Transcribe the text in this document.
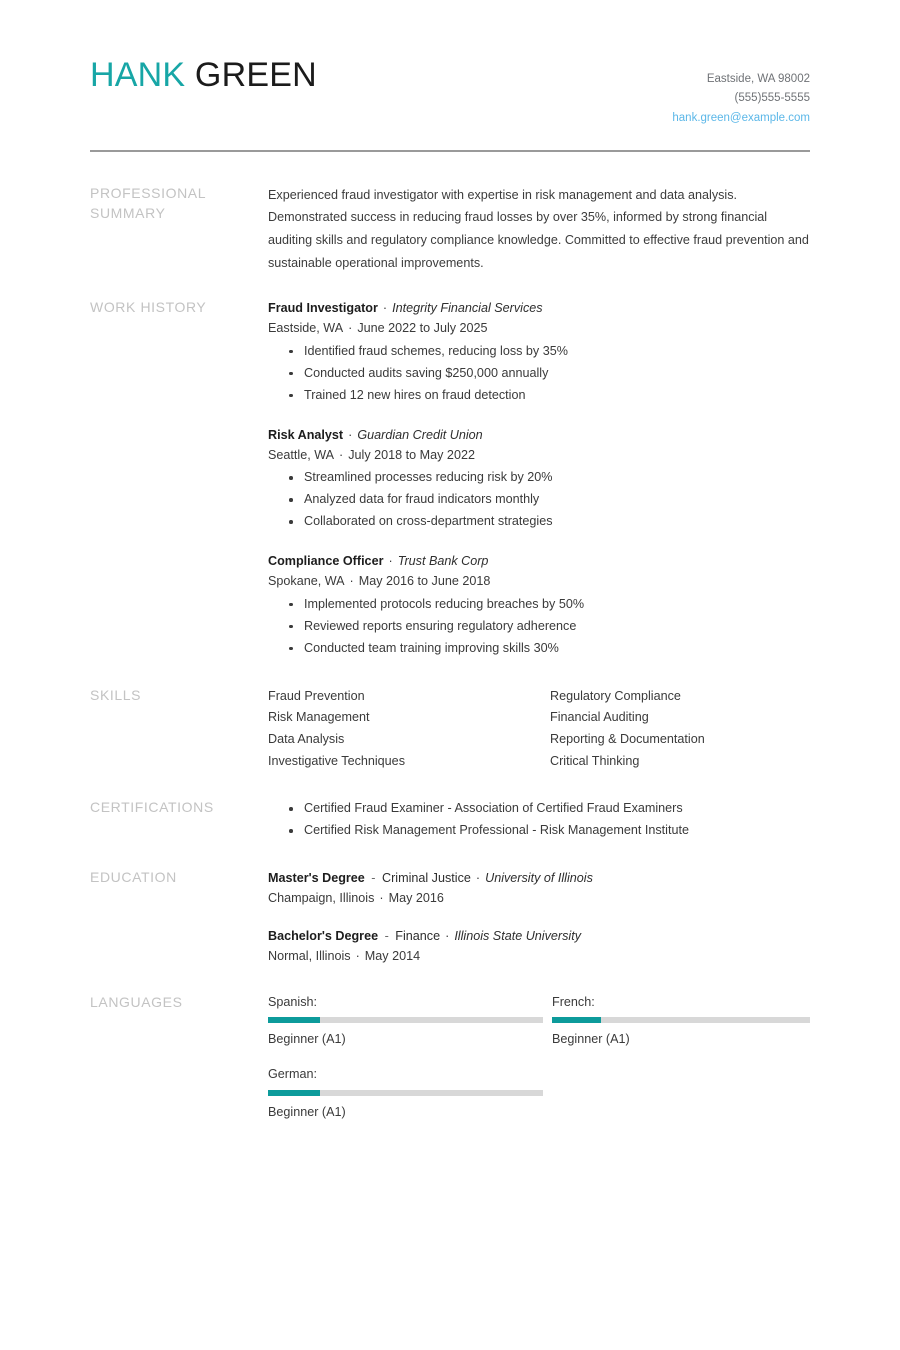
HANK GREEN	Eastside, WA 98002
(555)555-5555
hank.green@example.com
PROFESSIONAL SUMMARY
Experienced fraud investigator with expertise in risk management and data analysis. Demonstrated success in reducing fraud losses by over 35%, informed by strong financial auditing skills and regulatory compliance knowledge. Committed to effective fraud prevention and sustainable operational improvements.
WORK HISTORY	Fraud Investigator · Integrity Financial Services
Eastside, WA · June 2022 to July 2025
Identified fraud schemes, reducing loss by 35%
Conducted audits saving $250,000 annually
Trained 12 new hires on fraud detection
Risk Analyst · Guardian Credit Union
Seattle, WA · July 2018 to May 2022
Streamlined processes reducing risk by 20%
Analyzed data for fraud indicators monthly
Collaborated on cross-department strategies
Compliance Officer · Trust Bank Corp
Spokane, WA · May 2016 to June 2018
Implemented protocols reducing breaches by 50%
Reviewed reports ensuring regulatory adherence
Conducted team training improving skills 30%
SKILLS	Fraud Prevention	Regulatory Compliance
Risk Management	Financial Auditing
Data Analysis	Reporting & Documentation
Investigative Techniques	Critical Thinking
CERTIFICATIONS	Certified Fraud Examiner - Association of Certified Fraud Examiners
Certified Risk Management Professional - Risk Management Institute
EDUCATION	Master's Degree - Criminal Justice · University of Illinois
Champaign, Illinois · May 2016
Bachelor's Degree - Finance · Illinois State University
Normal, Illinois · May 2014
LANGUAGES	Spanish:
Beginner (A1)
French:
Beginner (A1)
German:
Beginner (A1)
